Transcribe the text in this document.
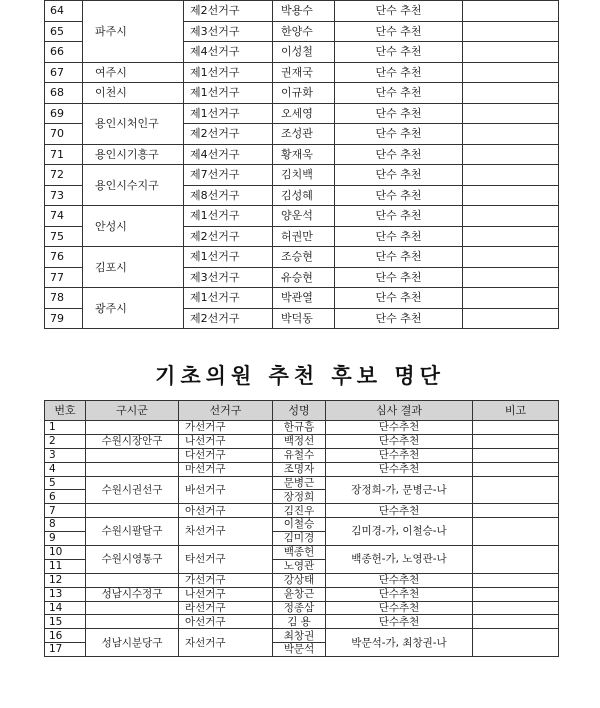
64	파주시	제2선거구	박용수	단수 추천	
65		제3선거구	한양수	단수 추천	
66		제4선거구	이성철	단수 추천	
67	여주시	제1선거구	권재국	단수 추천	
68	이천시	제1선거구	이규화	단수 추천	
69	용인시처인구	제1선거구	오세영	단수 추천	
70		제2선거구	조성관	단수 추천	
71	용인시기흥구	제4선거구	황재욱	단수 추천	
72	용인시수지구	제7선거구	김치백	단수 추천	
73		제8선거구	김성혜	단수 추천	
74	안성시	제1선거구	양운석	단수 추천	
75		제2선거구	허권만	단수 추천	
76	김포시	제1선거구	조승현	단수 추천	
77		제3선거구	유승현	단수 추천	
78	광주시	제1선거구	박관열	단수 추천	
79		제2선거구	박덕동	단수 추천	
기초의원 추천 후보 명단
번호	구시군	선거구	성명	심사 결과	비고
1		가선거구	한규흠	단수추천	
2	수원시장안구	나선거구	백정선	단수추천	
3		다선거구	유철수	단수추천	
4		마선거구	조명자	단수추천	
5	수원시권선구	바선거구	문병근	장정희-가, 문병근-나	
6			장정희		
7		아선거구	김진우	단수추천	
8	수원시팔달구	차선거구	이철승	김미경-가, 이철승-나	
9			김미경		
10	수원시영통구	타선거구	백종헌	백종헌-가, 노영관-나	
11			노영관		
12		가선거구	강상태	단수추천	
13	성남시수정구	나선거구	윤창근	단수추천	
14		라선거구	정종삼	단수추천	
15		아선거구	김 용	단수추천	
16	성남시분당구	자선거구	최창권	박문석-가, 최창권-나	
17			박문석		
